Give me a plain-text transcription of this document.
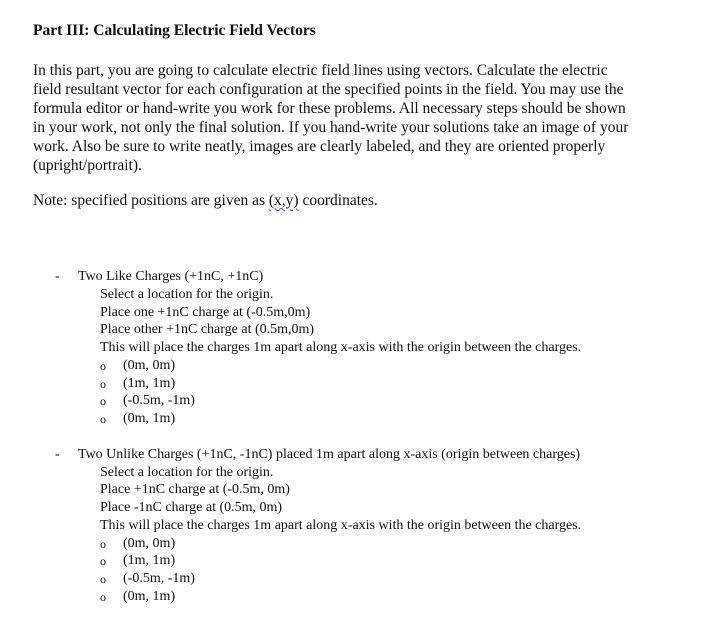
Part III: Calculating Electric Field Vectors
In this part, you are going to calculate electric field lines using vectors. Calculate the electric
field resultant vector for each configuration at the specified points in the field. You may use the
formula editor or hand-write you work for these problems. All necessary steps should be shown
in your work, not only the final solution. If you hand-write your solutions take an image of your
work. Also be sure to write neatly, images are clearly labeled, and they are oriented properly
(upright/portrait).
Note: specified positions are given as (x,y) coordinates.
- Two Like Charges (+1nC, +1nC)
Select a location for the origin.
Place one +1nC charge at (-0.5m,0m)
Place other +1nC charge at (0.5m,0m)
This will place the charges 1m apart along x-axis with the origin between the charges.
o (0m, 0m)
o (1m, 1m)
o (-0.5m, -1m)
o (0m, 1m)
- Two Unlike Charges (+1nC, -1nC) placed 1m apart along x-axis (origin between charges)
Select a location for the origin.
Place +1nC charge at (-0.5m, 0m)
Place -1nC charge at (0.5m, 0m)
This will place the charges 1m apart along x-axis with the origin between the charges.
o (0m, 0m)
o (1m, 1m)
o (-0.5m, -1m)
o (0m, 1m)
